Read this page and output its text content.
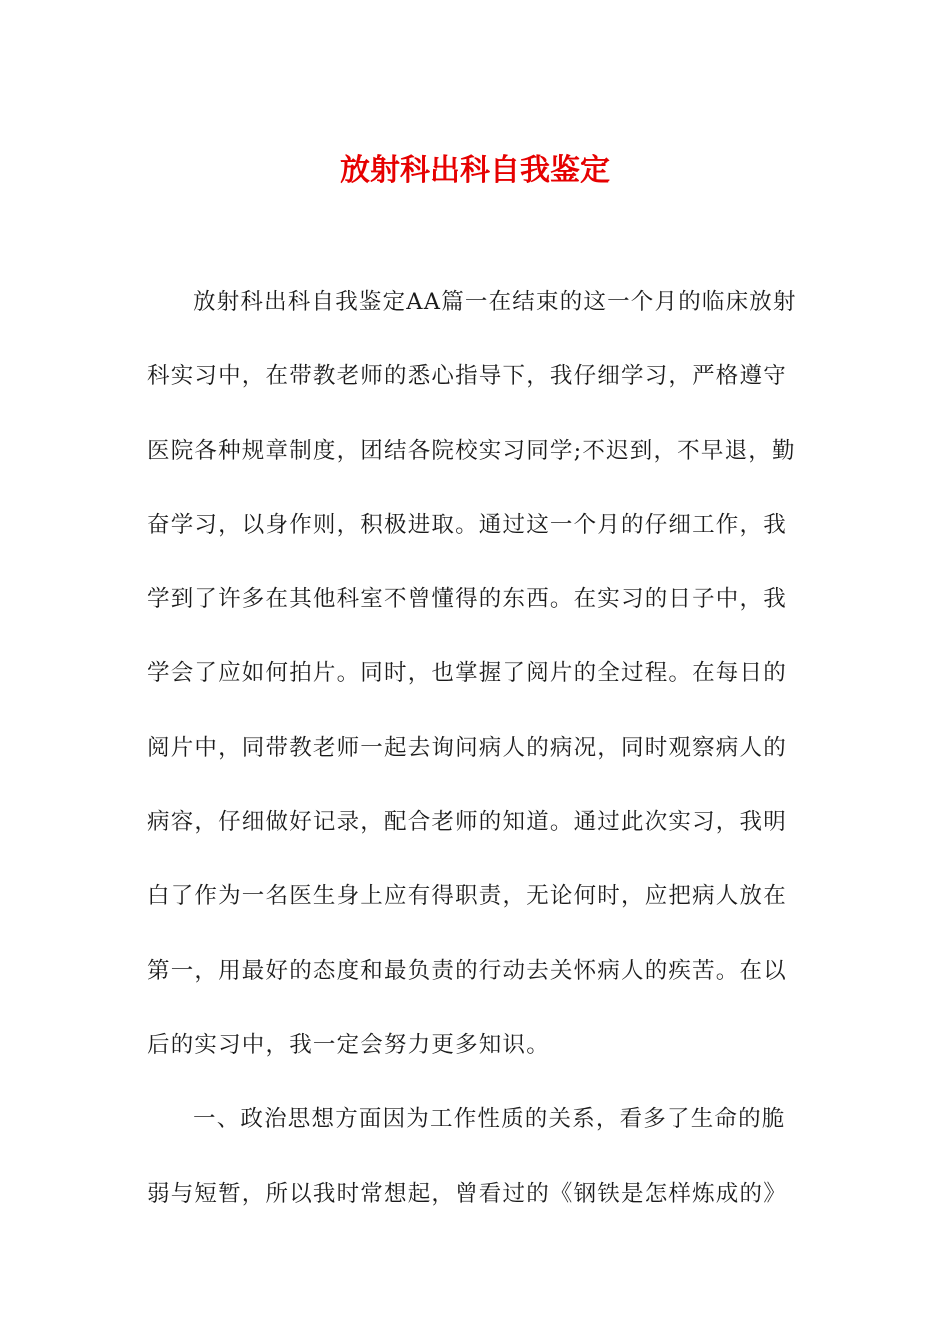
放射科出科自我鉴定
放射科出科自我鉴定AA篇一在结束的这一个月的临床放射
科实习中，在带教老师的悉心指导下，我仔细学习，严格遵守
医院各种规章制度，团结各院校实习同学;不迟到，不早退，勤
奋学习，以身作则，积极进取。通过这一个月的仔细工作，我
学到了许多在其他科室不曾懂得的东西。在实习的日子中，我
学会了应如何拍片。同时，也掌握了阅片的全过程。在每日的
阅片中，同带教老师一起去询问病人的病况，同时观察病人的
病容，仔细做好记录，配合老师的知道。通过此次实习，我明
白了作为一名医生身上应有得职责，无论何时，应把病人放在
第一，用最好的态度和最负责的行动去关怀病人的疾苦。在以
后的实习中，我一定会努力更多知识。
一、政治思想方面因为工作性质的关系，看多了生命的脆
弱与短暂，所以我时常想起，曾看过的《钢铁是怎样炼成的》
